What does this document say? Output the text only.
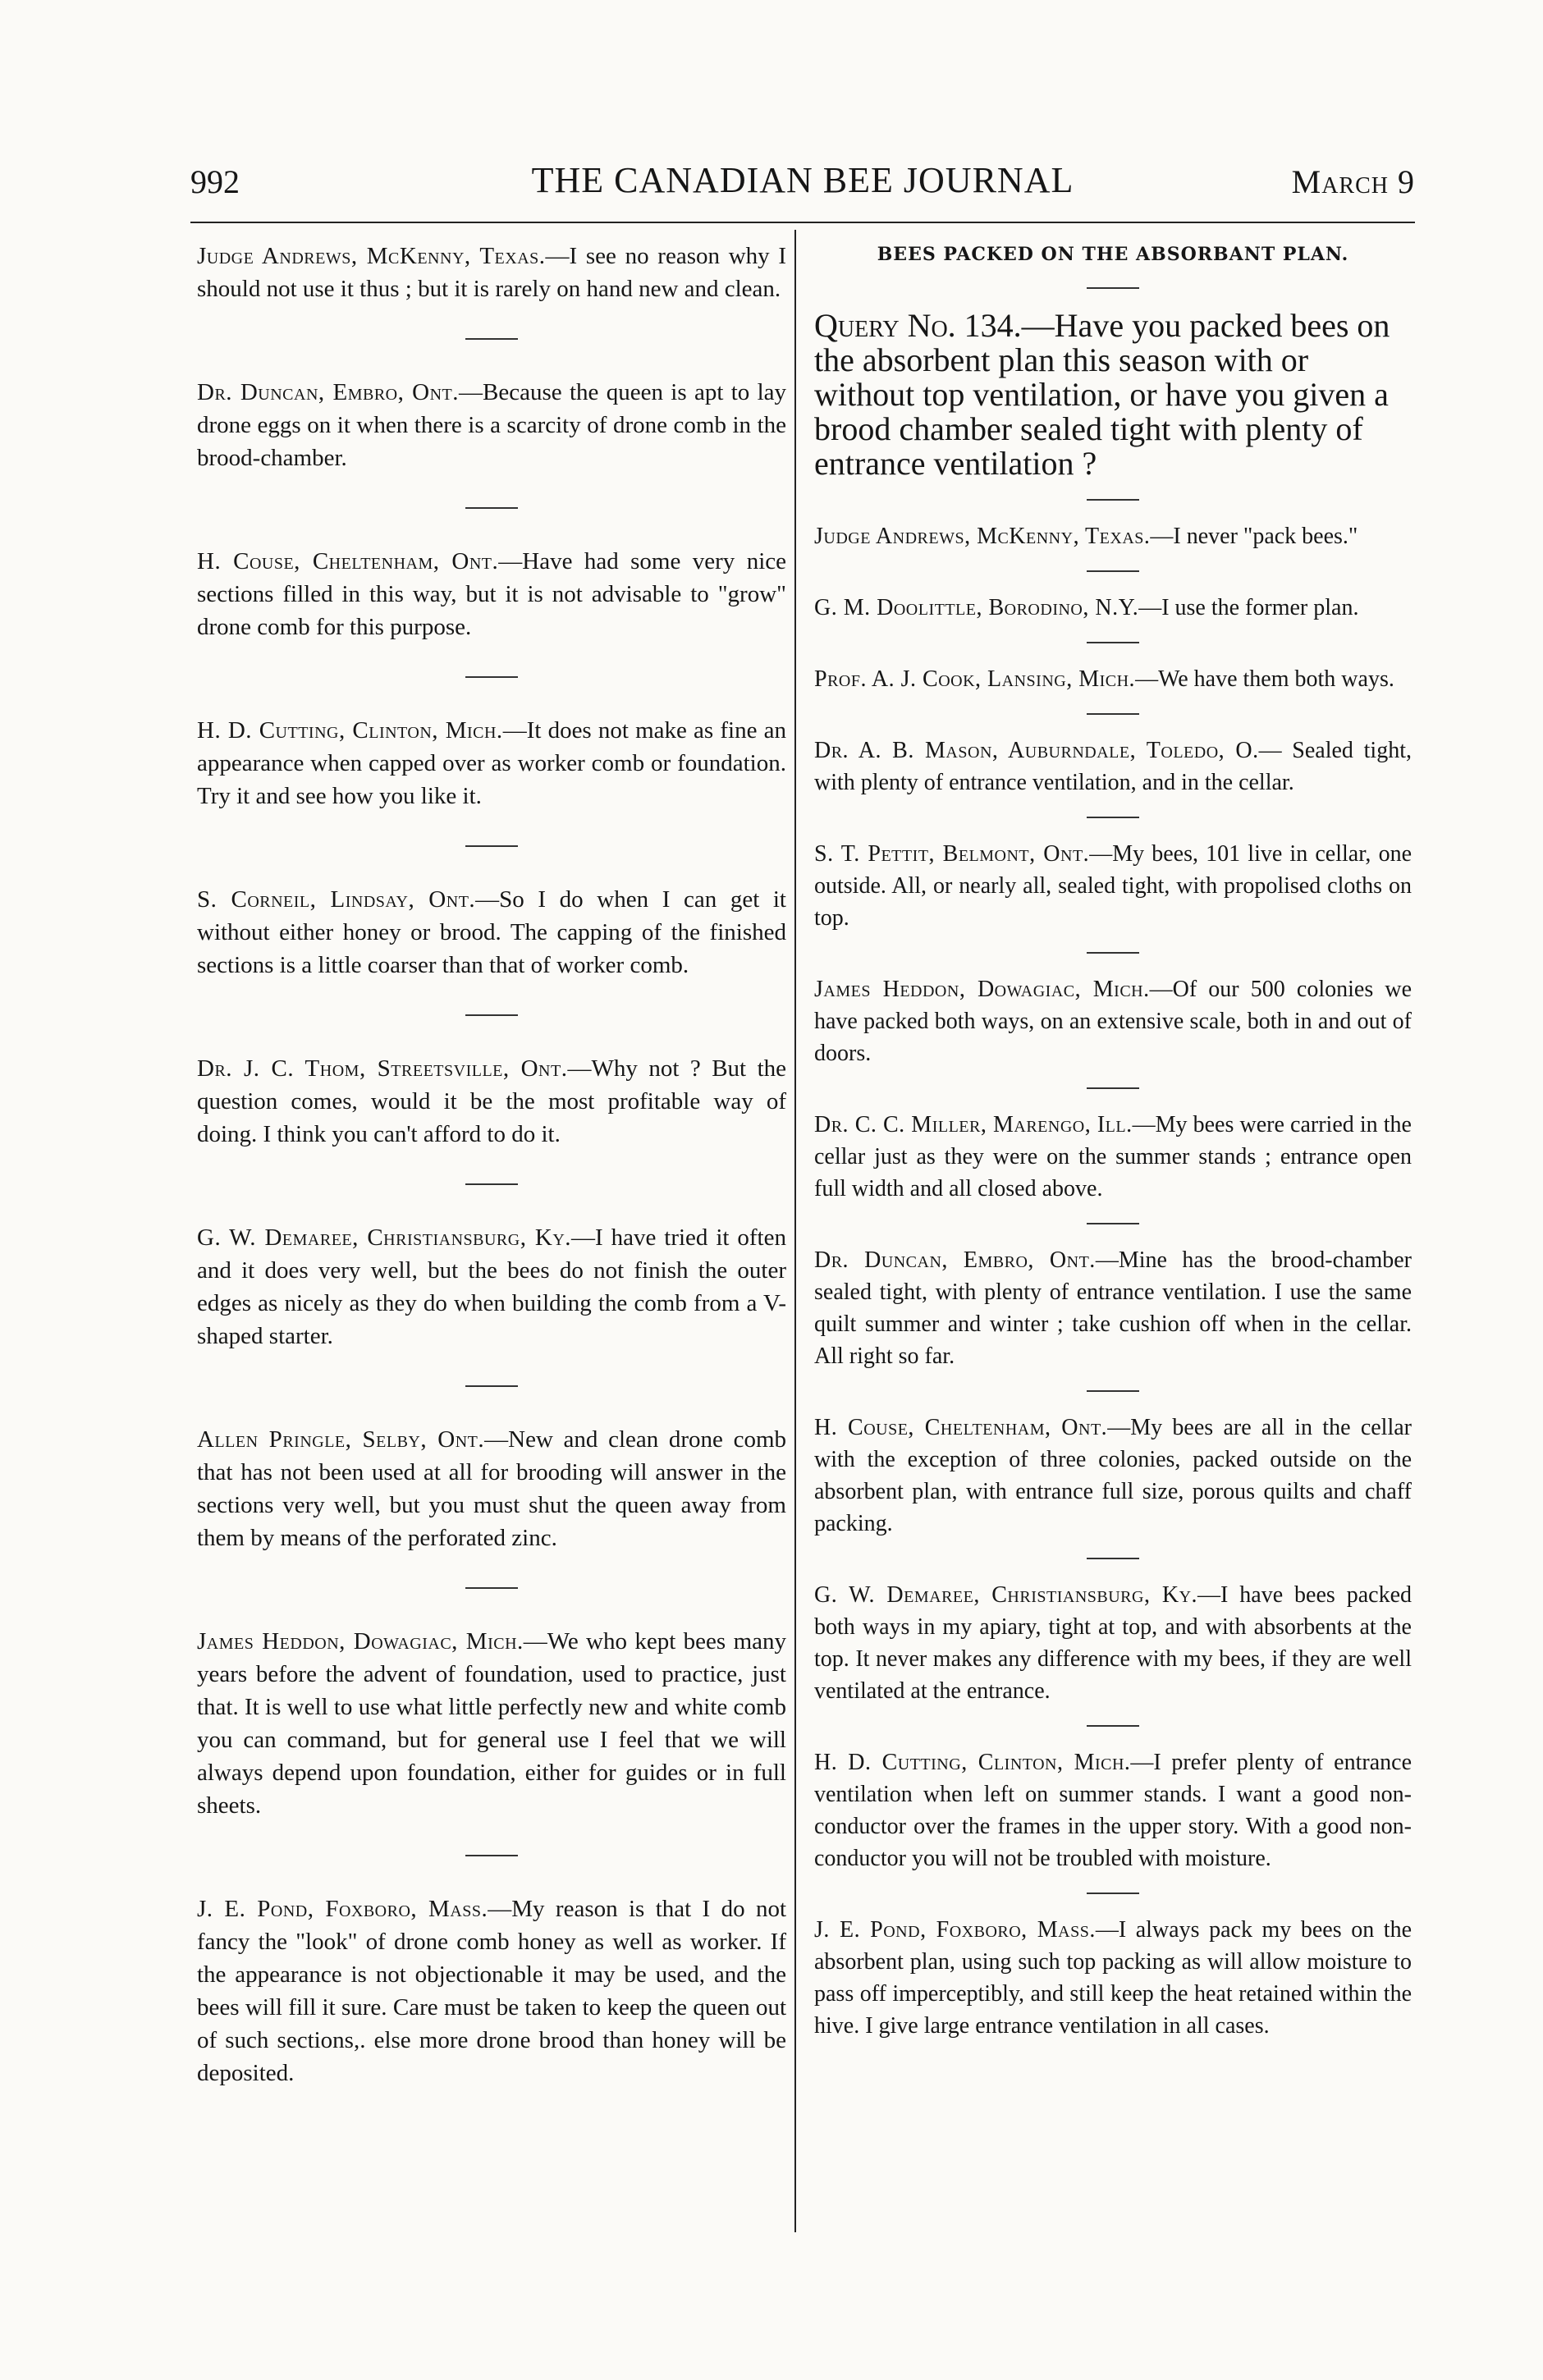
992	THE CANADIAN BEE JOURNAL	March 9

Judge Andrews, McKenny, Texas.—I see no reason why I should not use it thus ; but it is rarely on hand new and clean.

Dr. Duncan, Embro, Ont.—Because the queen is apt to lay drone eggs on it when there is a scarcity of drone comb in the brood-chamber.

H. Couse, Cheltenham, Ont.—Have had some very nice sections filled in this way, but it is not advisable to "grow" drone comb for this purpose.

H. D. Cutting, Clinton, Mich.—It does not make as fine an appearance when capped over as worker comb or foundation. Try it and see how you like it.

S. Corneil, Lindsay, Ont.—So I do when I can get it without either honey or brood. The capping of the finished sections is a little coarser than that of worker comb.

Dr. J. C. Thom, Streetsville, Ont.—Why not ? But the question comes, would it be the most profitable way of doing. I think you can't afford to do it.

G. W. Demaree, Christiansburg, Ky.—I have tried it often and it does very well, but the bees do not finish the outer edges as nicely as they do when building the comb from a V-shaped starter.

Allen Pringle, Selby, Ont.—New and clean drone comb that has not been used at all for brooding will answer in the sections very well, but you must shut the queen away from them by means of the perforated zinc.

James Heddon, Dowagiac, Mich.—We who kept bees many years before the advent of foundation, used to practice, just that. It is well to use what little perfectly new and white comb you can command, but for general use I feel that we will always depend upon foundation, either for guides or in full sheets.

J. E. Pond, Foxboro, Mass.—My reason is that I do not fancy the "look" of drone comb honey as well as worker. If the appearance is not objectionable it may be used, and the bees will fill it sure. Care must be taken to keep the queen out of such sections,. else more drone brood than honey will be deposited.

BEES PACKED ON THE ABSORBANT PLAN.

Query No. 134.—Have you packed bees on the absorbent plan this season with or without top ventilation, or have you given a brood chamber sealed tight with plenty of entrance ventilation ?

Judge Andrews, McKenny, Texas.—I never "pack bees."

G. M. Doolittle, Borodino, N.Y.—I use the former plan.

Prof. A. J. Cook, Lansing, Mich.—We have them both ways.

Dr. A. B. Mason, Auburndale, Toledo, O.— Sealed tight, with plenty of entrance ventilation, and in the cellar.

S. T. Pettit, Belmont, Ont.—My bees, 101 live in cellar, one outside. All, or nearly all, sealed tight, with propolised cloths on top.

James Heddon, Dowagiac, Mich.—Of our 500 colonies we have packed both ways, on an extensive scale, both in and out of doors.

Dr. C. C. Miller, Marengo, Ill.—My bees were carried in the cellar just as they were on the summer stands ; entrance open full width and all closed above.

Dr. Duncan, Embro, Ont.—Mine has the brood-chamber sealed tight, with plenty of entrance ventilation. I use the same quilt summer and winter ; take cushion off when in the cellar. All right so far.

H. Couse, Cheltenham, Ont.—My bees are all in the cellar with the exception of three colonies, packed outside on the absorbent plan, with entrance full size, porous quilts and chaff packing.

G. W. Demaree, Christiansburg, Ky.—I have bees packed both ways in my apiary, tight at top, and with absorbents at the top. It never makes any difference with my bees, if they are well ventilated at the entrance.

H. D. Cutting, Clinton, Mich.—I prefer plenty of entrance ventilation when left on summer stands. I want a good non-conductor over the frames in the upper story. With a good non-conductor you will not be troubled with moisture.

J. E. Pond, Foxboro, Mass.—I always pack my bees on the absorbent plan, using such top packing as will allow moisture to pass off imperceptibly, and still keep the heat retained within the hive. I give large entrance ventilation in all cases.
